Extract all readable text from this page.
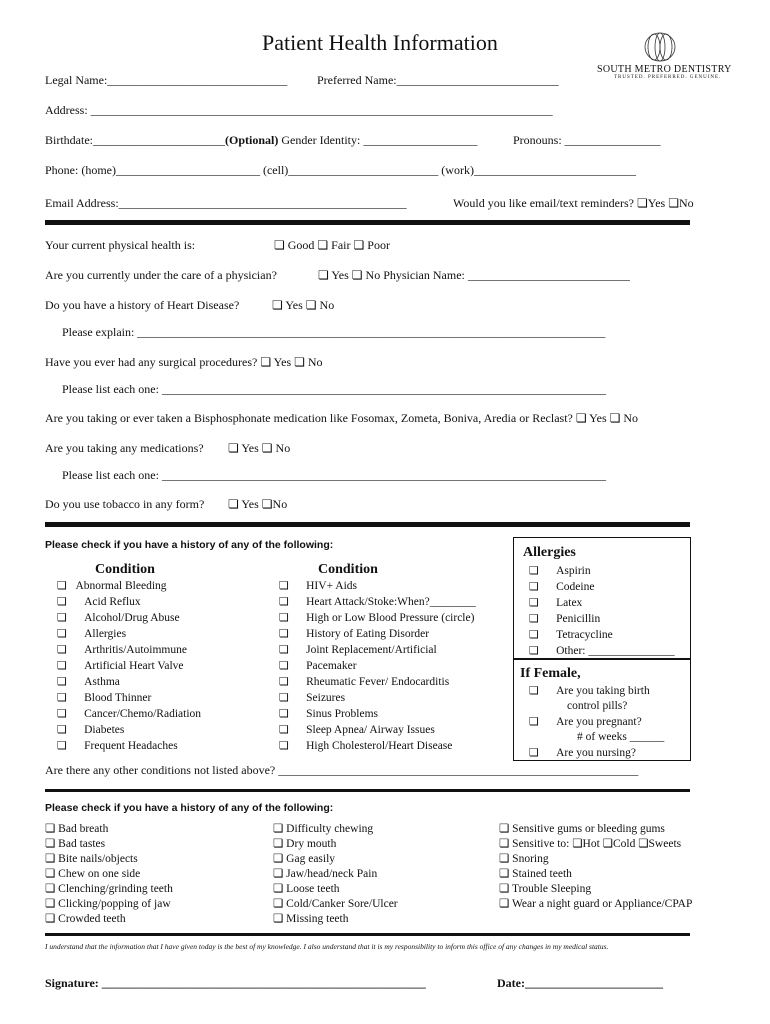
Patient Health Information
SOUTH METRO DENTISTRY
TRUSTED. PREFERRED. GENUINE.
Legal Name:______________________________ Preferred Name:___________________________
Address: _____________________________________________________________________________
Birthdate:______________________(Optional) Gender Identity: ___________________	Pronouns: ________________
Phone: (home)________________________ (cell)_________________________ (work)___________________________
Email Address:________________________________________________	Would you like email/text reminders? ❏Yes ❏No
Your current physical health is:	❏ Good ❏ Fair ❏ Poor
Are you currently under the care of a physician?	❏ Yes ❏ No Physician Name: ___________________________
Do you have a history of Heart Disease?	❏ Yes ❏ No
Please explain: ______________________________________________________________________________
Have you ever had any surgical procedures? ❏ Yes ❏ No
Please list each one: __________________________________________________________________________
Are you taking or ever taken a Bisphosphonate medication like Fosomax, Zometa, Boniva, Aredia or Reclast? ❏ Yes ❏ No
Are you taking any medications? ❏ Yes ❏ No
Please list each one: __________________________________________________________________________
Do you use tobacco in any form? ❏ Yes ❏No
Please check if you have a history of any of the following:
Condition	Condition
❏ Abnormal Bleeding
❏ Acid Reflux
❏ Alcohol/Drug Abuse
❏ Allergies
❏ Arthritis/Autoimmune
❏ Artificial Heart Valve
❏ Asthma
❏ Blood Thinner
❏ Cancer/Chemo/Radiation
❏ Diabetes
❏ Frequent Headaches
❏ HIV+ Aids
❏ Heart Attack/Stoke:When?________
❏ High or Low Blood Pressure (circle)
❏ History of Eating Disorder
❏ Joint Replacement/Artificial
❏ Pacemaker
❏ Rheumatic Fever/ Endocarditis
❏ Seizures
❏ Sinus Problems
❏ Sleep Apnea/ Airway Issues
❏ High Cholesterol/Heart Disease
Allergies
❏ Aspirin
❏ Codeine
❏ Latex
❏ Penicillin
❏ Tetracycline
❏ Other: _______________
If Female,
❏ Are you taking birth
control pills?
❏ Are you pregnant?
# of weeks ______
❏ Are you nursing?
Are there any other conditions not listed above? ____________________________________________________________
Please check if you have a history of any of the following:
❏ Bad breath
❏ Bad tastes
❏ Bite nails/objects
❏ Chew on one side
❏ Clenching/grinding teeth
❏ Clicking/popping of jaw
❏ Crowded teeth
❏ Difficulty chewing
❏ Dry mouth
❏ Gag easily
❏ Jaw/head/neck Pain
❏ Loose teeth
❏ Cold/Canker Sore/Ulcer
❏ Missing teeth
❏ Sensitive gums or bleeding gums
❏ Sensitive to: ❏Hot ❏Cold ❏Sweets
❏ Snoring
❏ Stained teeth
❏ Trouble Sleeping
❏ Wear a night guard or Appliance/CPAP
I understand that the information that I have given today is the best of my knowledge. I also understand that it is my responsibility to inform this office of any changes in my medical status.
Signature: ______________________________________________________	Date:_______________________
